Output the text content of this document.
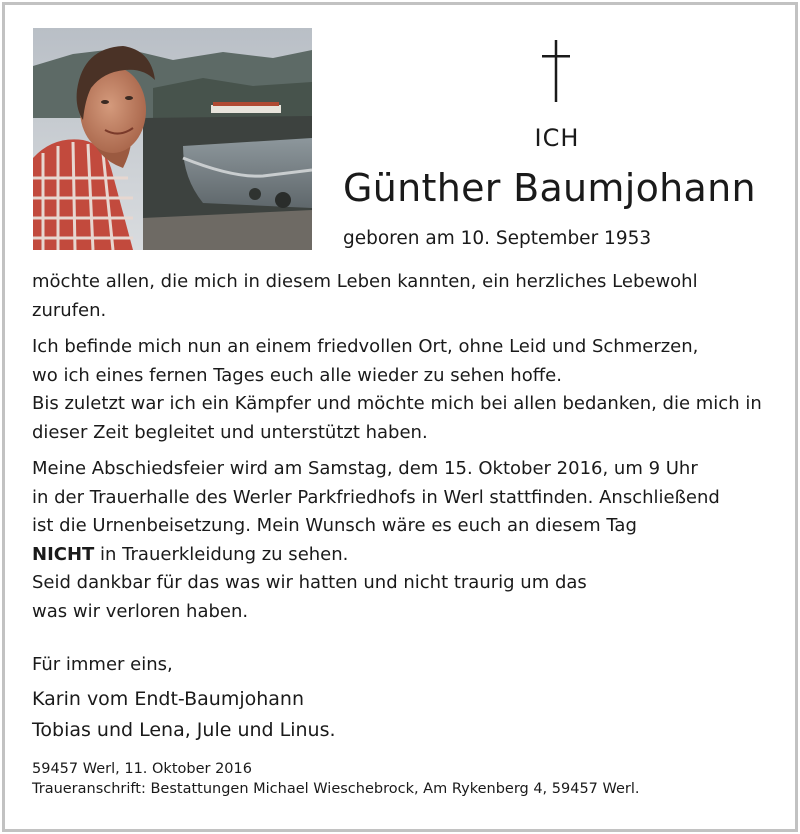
ICH
Günther Baumjohann
geboren am 10. September 1953

möchte allen, die mich in diesem Leben kannten, ein herzliches Lebewohl zurufen.

Ich befinde mich nun an einem friedvollen Ort, ohne Leid und Schmerzen,

wo ich eines fernen Tages euch alle wieder zu sehen hoffe.

Bis zuletzt war ich ein Kämpfer und möchte mich bei allen bedanken, die mich in dieser Zeit begleitet und unterstützt haben.

Meine Abschiedsfeier wird am Samstag, dem 15. Oktober 2016, um 9 Uhr

in der Trauerhalle des Werler Parkfriedhofs in Werl stattfinden. Anschließend

ist die Urnenbeisetzung. Mein Wunsch wäre es euch an diesem Tag

NICHT in Trauerkleidung zu sehen.

Seid dankbar für das was wir hatten und nicht traurig um das

was wir verloren haben.

Für immer eins,

Karin vom Endt-Baumjohann

Tobias und Lena, Jule und Linus.

59457 Werl, 11. Oktober 2016

Traueranschrift: Bestattungen Michael Wieschebrock, Am Rykenberg 4, 59457 Werl.
